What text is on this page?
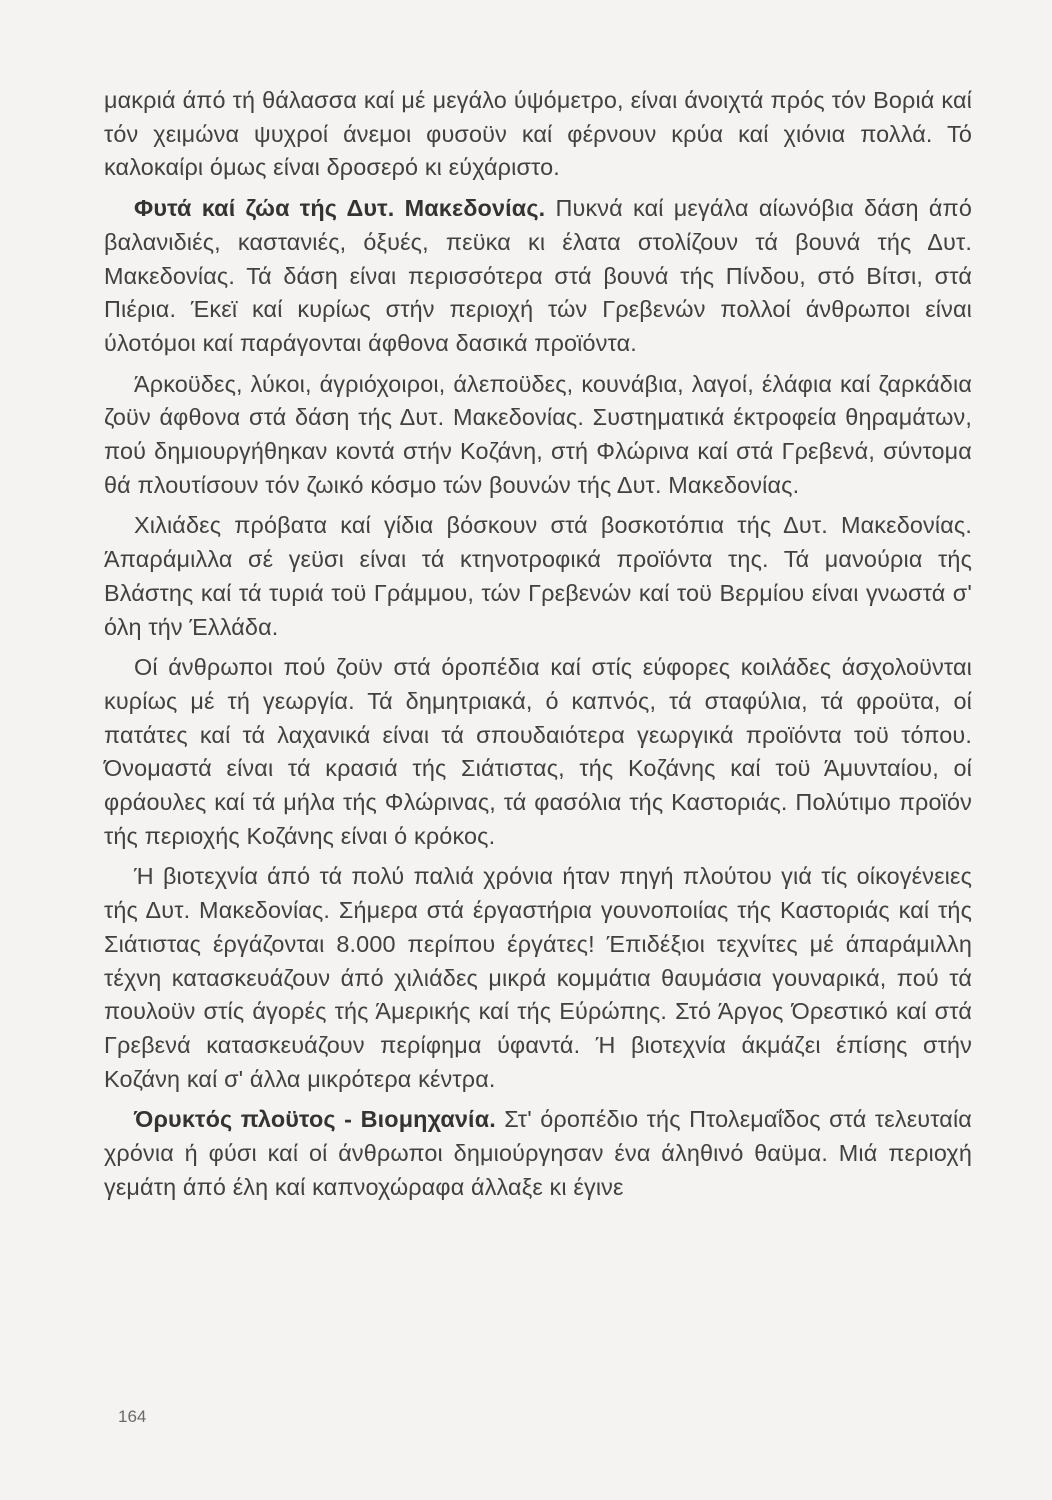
μακριά άπό τή θάλασσα καί μέ μεγάλο ύψόμετρο, είναι άνοιχτά πρός τόν Βοριά καί τόν χειμώνα ψυχροί άνεμοι φυσοϋν καί φέρνουν κρύα καί χιόνια πολλά. Τό καλοκαίρι όμως είναι δροσερό κι εύχάριστο.

Φυτά καί ζώα τής Δυτ. Μακεδονίας. Πυκνά καί μεγάλα αίωνόβια δάση άπό βαλανιδιές, καστανιές, όξυές, πεϋκα κι έλατα στολίζουν τά βουνά τής Δυτ. Μακεδονίας. Τά δάση είναι περισσότερα στά βουνά τής Πίνδου, στό Βίτσι, στά Πιέρια. Έκεϊ καί κυρίως στήν περιοχή τών Γρεβενών πολλοί άνθρωποι είναι ύλοτόμοι καί παράγονται άφθονα δασικά προϊόντα.

Άρκοϋδες, λύκοι, άγριόχοιροι, άλεποϋδες, κουνάβια, λαγοί, έλάφια καί ζαρκάδια ζοϋν άφθονα στά δάση τής Δυτ. Μακεδονίας. Συστηματικά έκτροφεία θηραμάτων, πού δημιουργήθηκαν κοντά στήν Κοζάνη, στή Φλώρινα καί στά Γρεβενά, σύντομα θά πλουτίσουν τόν ζωικό κόσμο τών βουνών τής Δυτ. Μακεδονίας.

Χιλιάδες πρόβατα καί γίδια βόσκουν στά βοσκοτόπια τής Δυτ. Μακεδονίας. Άπαράμιλλα σέ γεϋσι είναι τά κτηνοτροφικά προϊόντα της. Τά μανούρια τής Βλάστης καί τά τυριά τοϋ Γράμμου, τών Γρεβενών καί τοϋ Βερμίου είναι γνωστά σ' όλη τήν Έλλάδα.

Οί άνθρωποι πού ζοϋν στά όροπέδια καί στίς εύφορες κοιλάδες άσχολοϋνται κυρίως μέ τή γεωργία. Τά δημητριακά, ό καπνός, τά σταφύλια, τά φροϋτα, οί πατάτες καί τά λαχανικά είναι τά σπουδαιότερα γεωργικά προϊόντα τοϋ τόπου. Όνομαστά είναι τά κρασιά τής Σιάτιστας, τής Κοζάνης καί τοϋ Άμυνταίου, οί φράουλες καί τά μήλα τής Φλώρινας, τά φασόλια τής Καστοριάς. Πολύτιμο προϊόν τής περιοχής Κοζάνης είναι ό κρόκος.

Ή βιοτεχνία άπό τά πολύ παλιά χρόνια ήταν πηγή πλούτου γιά τίς οίκογένειες τής Δυτ. Μακεδονίας. Σήμερα στά έργαστήρια γουνοποιίας τής Καστοριάς καί τής Σιάτιστας έργάζονται 8.000 περίπου έργάτες! Έπιδέξιοι τεχνίτες μέ άπαράμιλλη τέχνη κατασκευάζουν άπό χιλιάδες μικρά κομμάτια θαυμάσια γουναρικά, πού τά πουλοϋν στίς άγορές τής Άμερικής καί τής Εύρώπης. Στό Άργος Όρεστικό καί στά Γρεβενά κατασκευάζουν περίφημα ύφαντά. Ή βιοτεχνία άκμάζει έπίσης στήν Κοζάνη καί σ' άλλα μικρότερα κέντρα.

Όρυκτός πλοϋτος - Βιομηχανία. Στ' όροπέδιο τής Πτολεμαΐδος στά τελευταία χρόνια ή φύσι καί οί άνθρωποι δημιούργησαν ένα άληθινό θαϋμα. Μιά περιοχή γεμάτη άπό έλη καί καπνοχώραφα άλλαξε κι έγινε

164
